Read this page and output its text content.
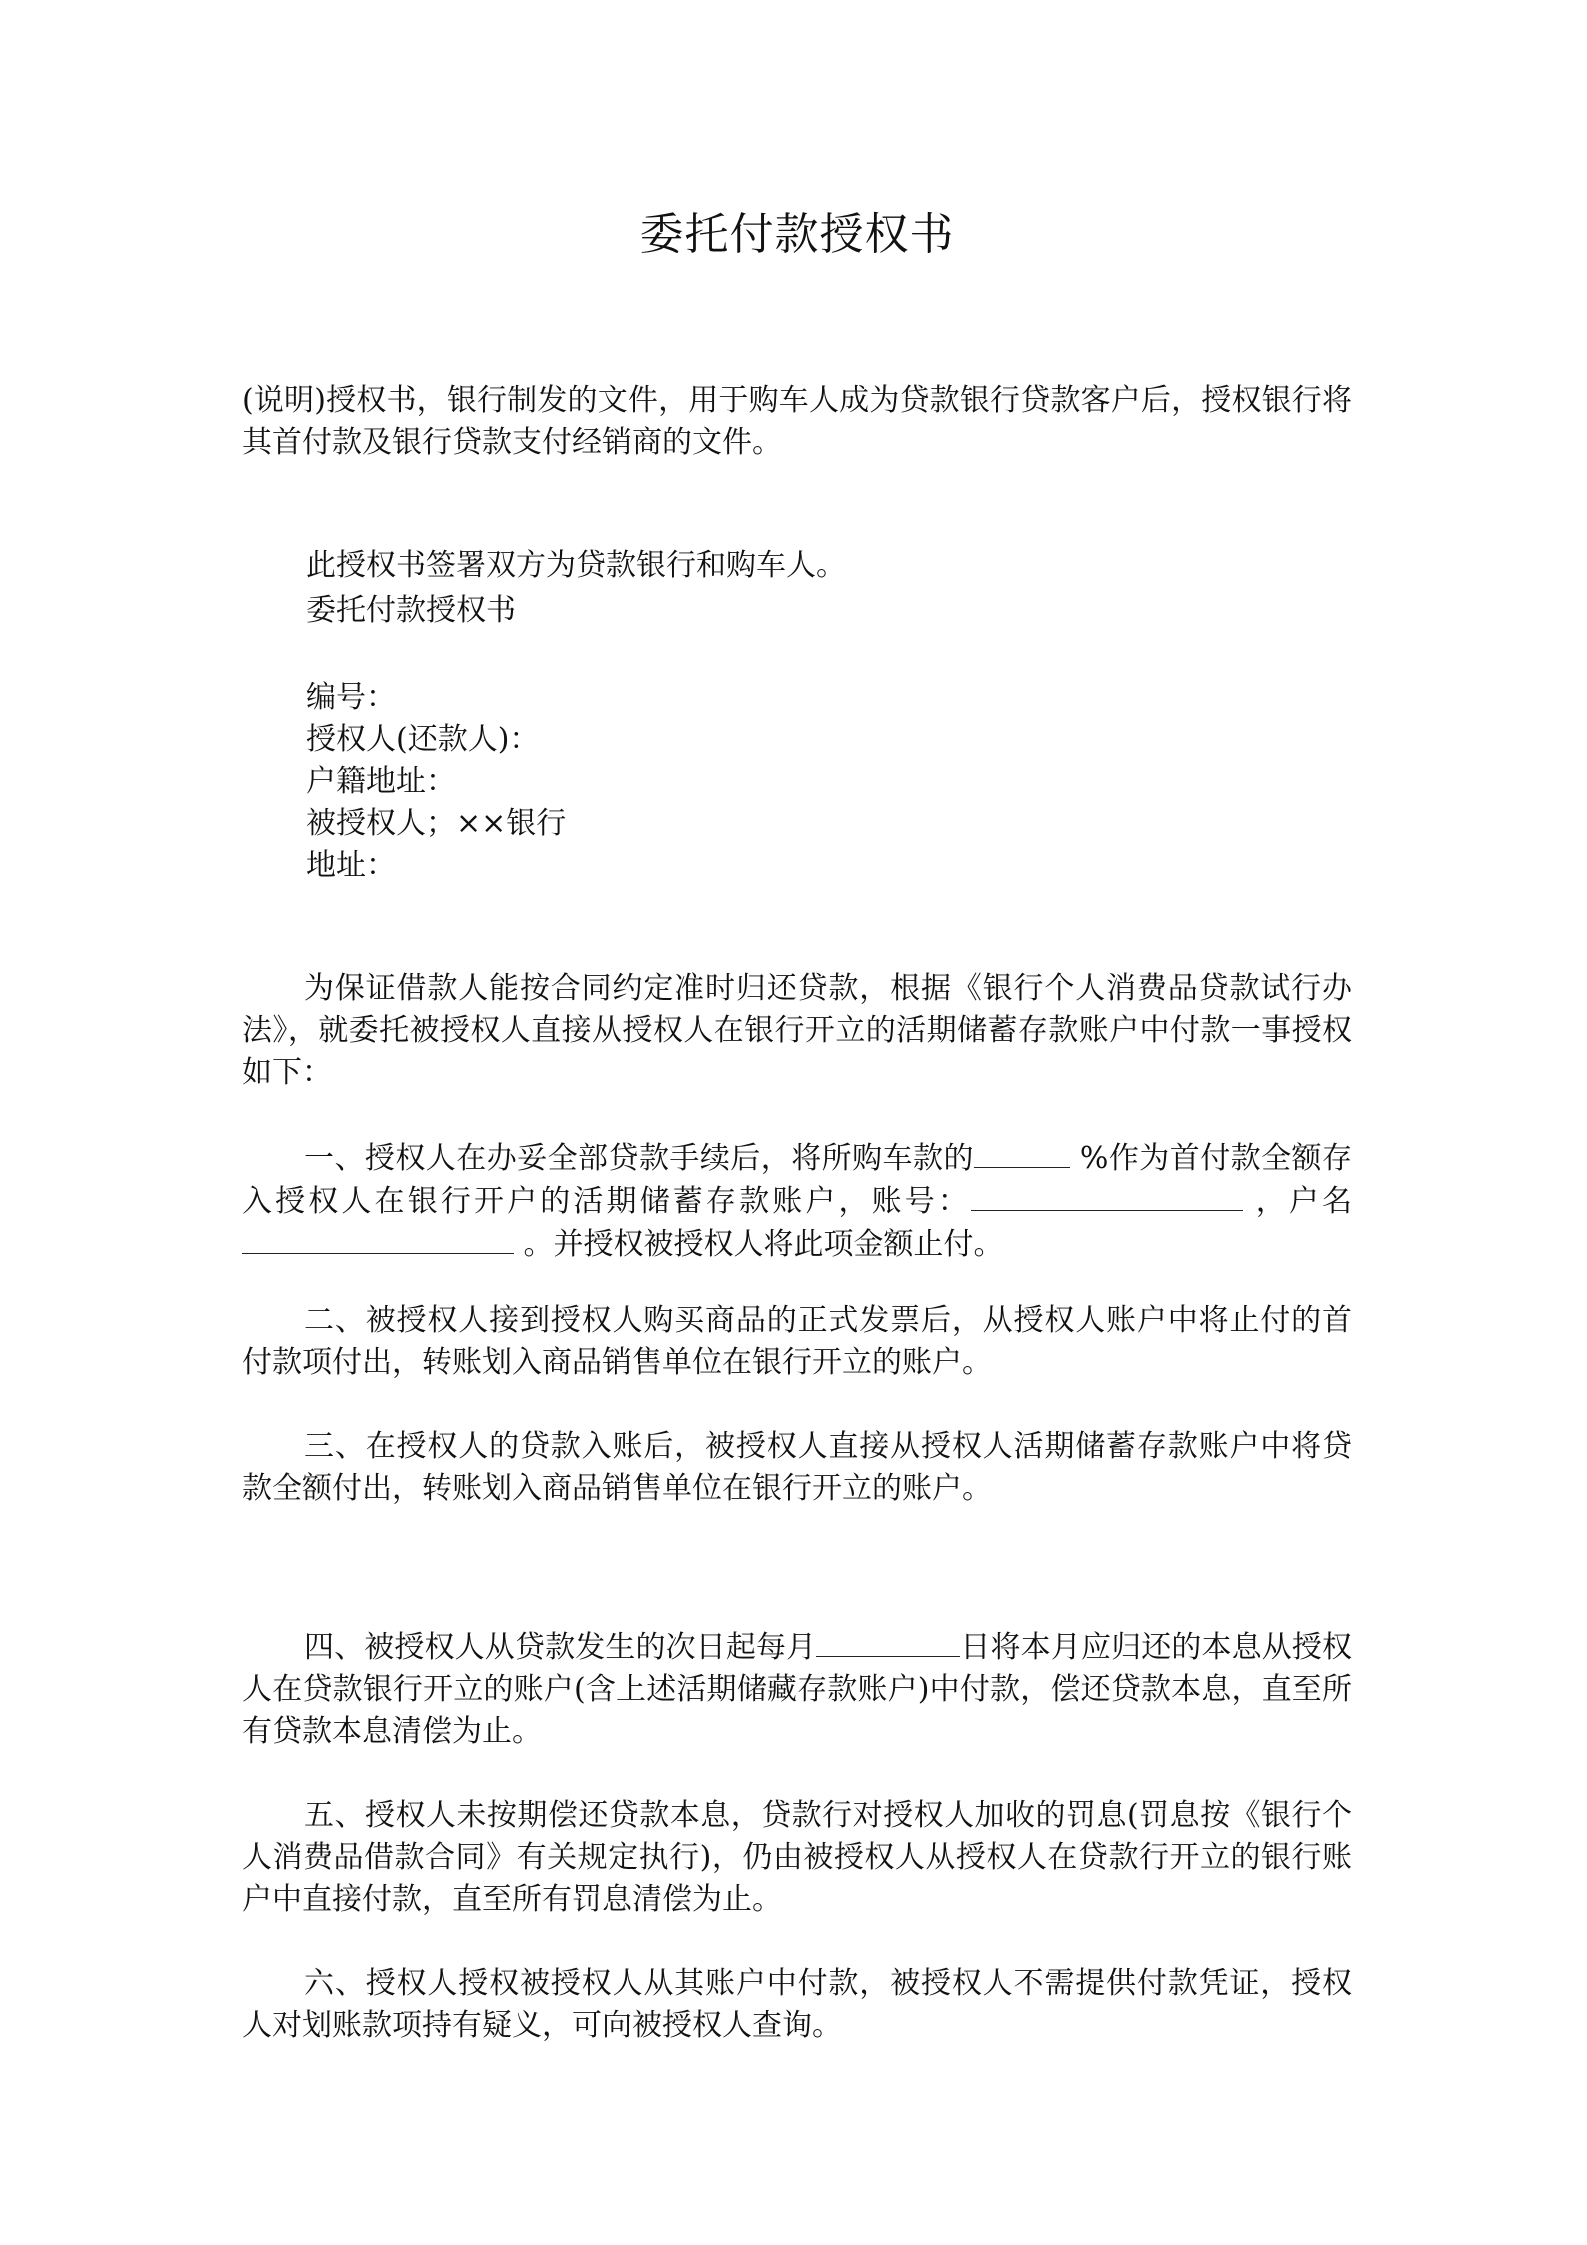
委托付款授权书

(说明)授权书，银行制发的文件，用于购车人成为贷款银行贷款客户后，授权银行将其首付款及银行贷款支付经销商的文件。

此授权书签署双方为贷款银行和购车人。

委托付款授权书

编号：

授权人(还款人)：

户籍地址：

被授权人；××银行

地址：

为保证借款人能按合同约定准时归还贷款，根据《银行个人消费品贷款试行办法》，就委托被授权人直接从授权人在银行开立的活期储蓄存款账户中付款一事授权如下：

一、授权人在办妥全部贷款手续后，将所购车款的	%作为首付款全额存入授权人在银行开户的活期储蓄存款账户，账号：	，户名  。并授权被授权人将此项金额止付。

二、被授权人接到授权人购买商品的正式发票后，从授权人账户中将止付的首付款项付出，转账划入商品销售单位在银行开立的账户。

三、在授权人的贷款入账后，被授权人直接从授权人活期储蓄存款账户中将贷款全额付出，转账划入商品销售单位在银行开立的账户。

四、被授权人从贷款发生的次日起每月	日将本月应归还的本息从授权人在贷款银行开立的账户(含上述活期储藏存款账户)中付款，偿还贷款本息，直至所有贷款本息清偿为止。

五、授权人未按期偿还贷款本息，贷款行对授权人加收的罚息(罚息按《银行个人消费品借款合同》有关规定执行)，仍由被授权人从授权人在贷款行开立的银行账户中直接付款，直至所有罚息清偿为止。

六、授权人授权被授权人从其账户中付款，被授权人不需提供付款凭证，授权人对划账款项持有疑义，可向被授权人查询。
